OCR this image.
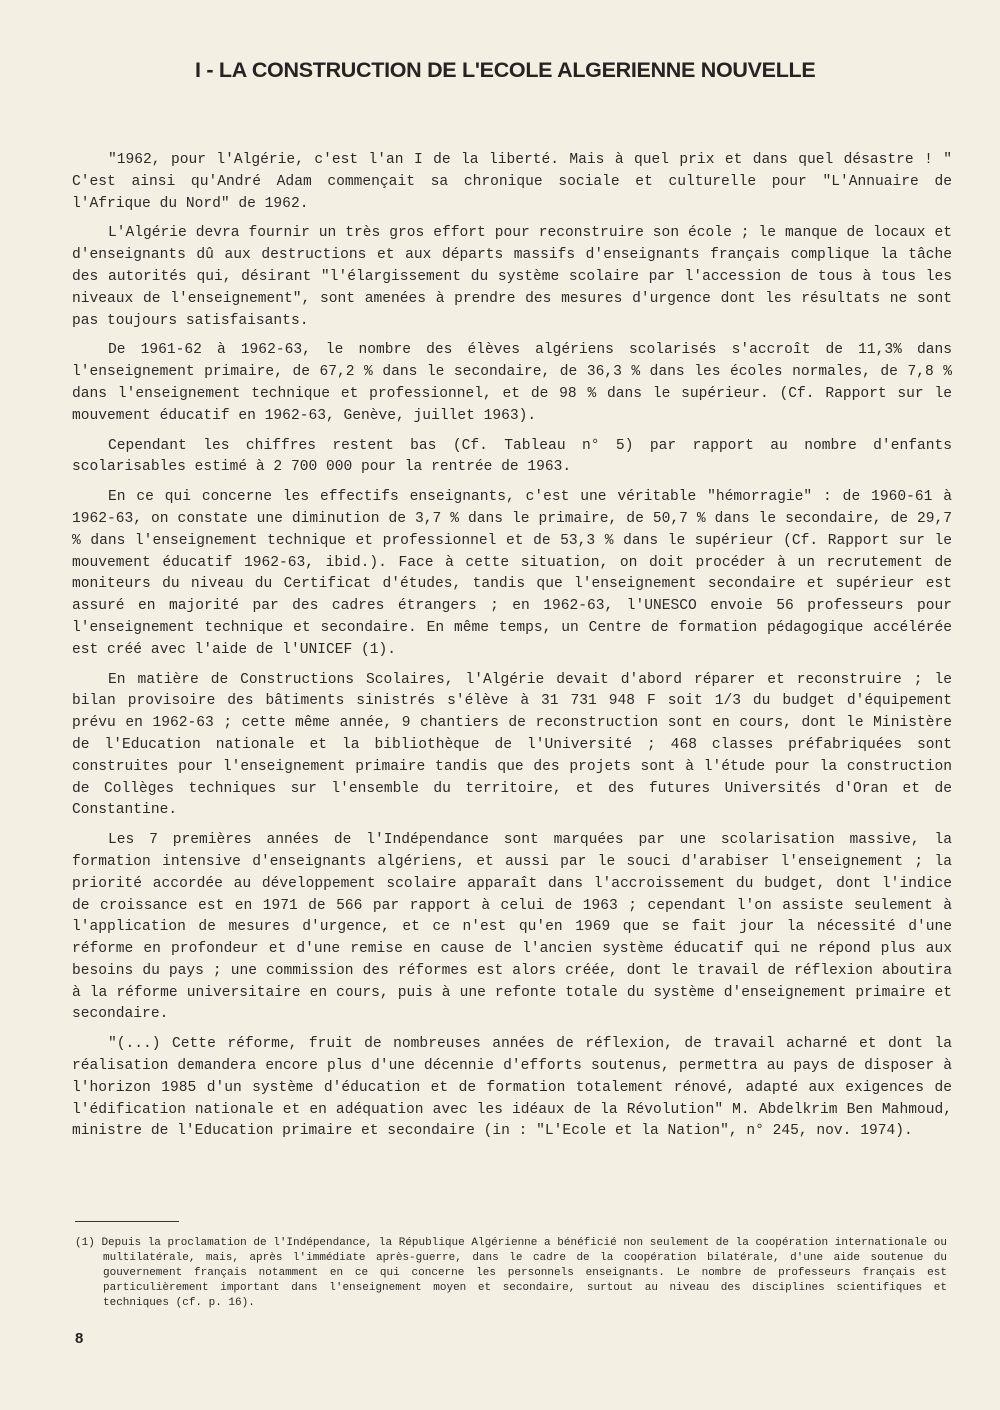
I - LA CONSTRUCTION DE L'ECOLE ALGERIENNE NOUVELLE

"1962, pour l'Algérie, c'est l'an I de la liberté. Mais à quel prix et dans quel désastre ! " C'est ainsi qu'André Adam commençait sa chronique sociale et culturelle pour "L'Annuaire de l'Afrique du Nord" de 1962.

L'Algérie devra fournir un très gros effort pour reconstruire son école ; le manque de locaux et d'enseignants dû aux destructions et aux départs massifs d'enseignants français complique la tâche des autorités qui, désirant "l'élargissement du système scolaire par l'accession de tous à tous les niveaux de l'enseignement", sont amenées à prendre des mesures d'urgence dont les résultats ne sont pas toujours satisfaisants.

De 1961-62 à 1962-63, le nombre des élèves algériens scolarisés s'accroît de 11,3% dans l'enseignement primaire, de 67,2 % dans le secondaire, de 36,3 % dans les écoles normales, de 7,8 % dans l'enseignement technique et professionnel, et de 98 % dans le supérieur. (Cf. Rapport sur le mouvement éducatif en 1962-63, Genève, juillet 1963).

Cependant les chiffres restent bas (Cf. Tableau n° 5) par rapport au nombre d'enfants scolarisables estimé à 2 700 000 pour la rentrée de 1963.

En ce qui concerne les effectifs enseignants, c'est une véritable "hémorragie" : de 1960-61 à 1962-63, on constate une diminution de 3,7 % dans le primaire, de 50,7 % dans le secondaire, de 29,7 % dans l'enseignement technique et professionnel et de 53,3 % dans le supérieur (Cf. Rapport sur le mouvement éducatif 1962-63, ibid.). Face à cette situation, on doit procéder à un recrutement de moniteurs du niveau du Certificat d'études, tandis que l'enseignement secondaire et supérieur est assuré en majorité par des cadres étrangers ; en 1962-63, l'UNESCO envoie 56 professeurs pour l'enseignement technique et secondaire. En même temps, un Centre de formation pédagogique accélérée est créé avec l'aide de l'UNICEF (1).

En matière de Constructions Scolaires, l'Algérie devait d'abord réparer et reconstruire ; le bilan provisoire des bâtiments sinistrés s'élève à 31 731 948 F soit 1/3 du budget d'équipement prévu en 1962-63 ; cette même année, 9 chantiers de reconstruction sont en cours, dont le Ministère de l'Education nationale et la bibliothèque de l'Université ; 468 classes préfabriquées sont construites pour l'enseignement primaire tandis que des projets sont à l'étude pour la construction de Collèges techniques sur l'ensemble du territoire, et des futures Universités d'Oran et de Constantine.

Les 7 premières années de l'Indépendance sont marquées par une scolarisation massive, la formation intensive d'enseignants algériens, et aussi par le souci d'arabiser l'enseignement ; la priorité accordée au développement scolaire apparaît dans l'accroissement du budget, dont l'indice de croissance est en 1971 de 566 par rapport à celui de 1963 ; cependant l'on assiste seulement à l'application de mesures d'urgence, et ce n'est qu'en 1969 que se fait jour la nécessité d'une réforme en profondeur et d'une remise en cause de l'ancien système éducatif qui ne répond plus aux besoins du pays ; une commission des réformes est alors créée, dont le travail de réflexion aboutira à la réforme universitaire en cours, puis à une refonte totale du système d'enseignement primaire et secondaire.

"(...) Cette réforme, fruit de nombreuses années de réflexion, de travail acharné et dont la réalisation demandera encore plus d'une décennie d'efforts soutenus, permettra au pays de disposer à l'horizon 1985 d'un système d'éducation et de formation totalement rénové, adapté aux exigences de l'édification nationale et en adéquation avec les idéaux de la Révolution" M. Abdelkrim Ben Mahmoud, ministre de l'Education primaire et secondaire (in : "L'Ecole et la Nation", n° 245, nov. 1974).

(1) Depuis la proclamation de l'Indépendance, la République Algérienne a bénéficié non seulement de la coopération internationale ou multilatérale, mais, après l'immédiate après-guerre, dans le cadre de la coopération bilatérale, d'une aide soutenue du gouvernement français notamment en ce qui concerne les personnels enseignants. Le nombre de professeurs français est particulièrement important dans l'enseignement moyen et secondaire, surtout au niveau des disciplines scientifiques et techniques (cf. p. 16).
8
